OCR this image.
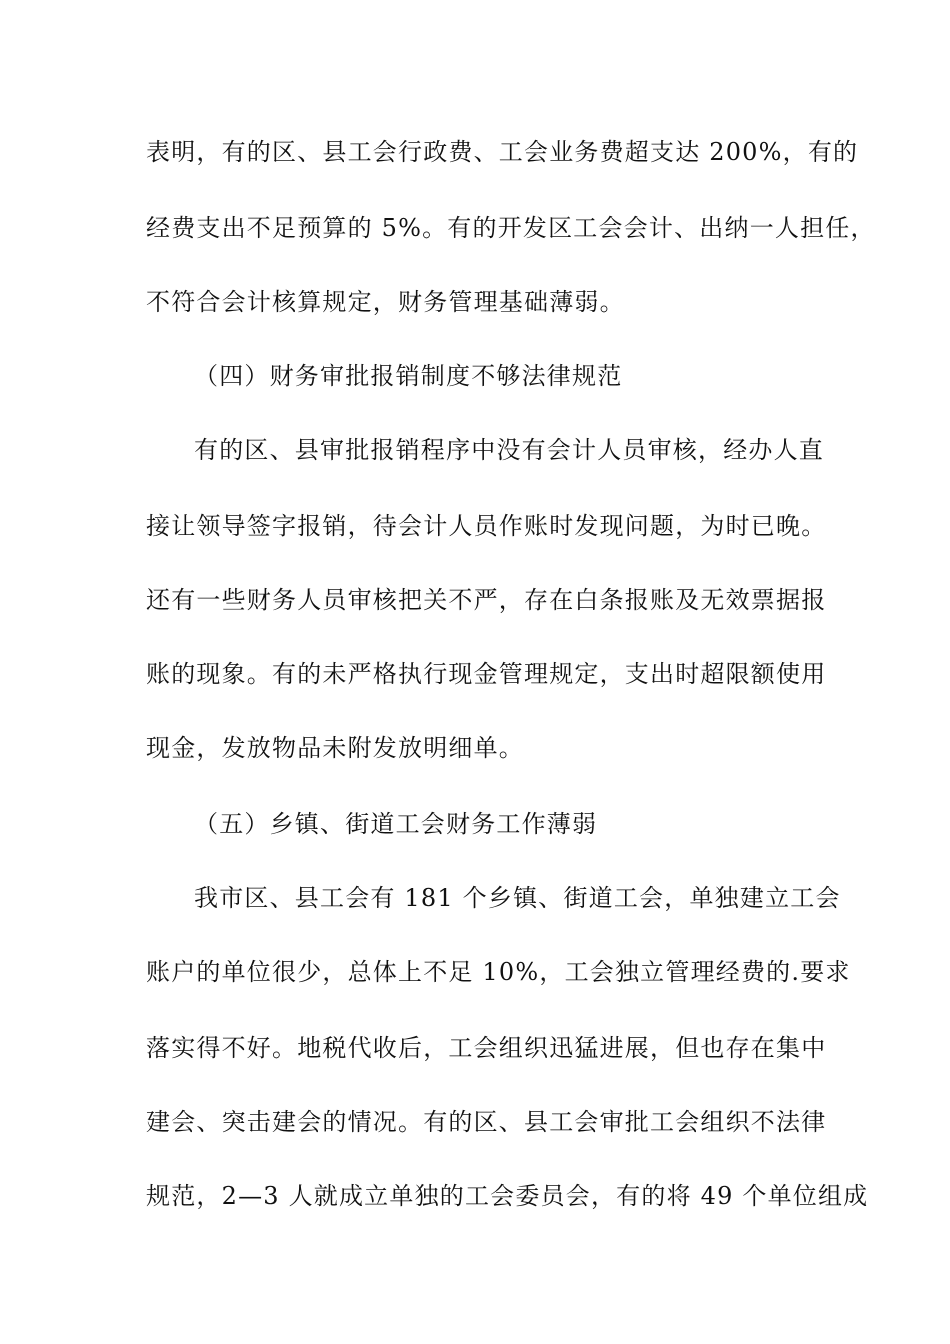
表明，有的区、县工会行政费、工会业务费超支达 200%，有的
经费支出不足预算的 5%。有的开发区工会会计、出纳一人担任，
不符合会计核算规定，财务管理基础薄弱。
（四）财务审批报销制度不够法律规范
有的区、县审批报销程序中没有会计人员审核，经办人直
接让领导签字报销，待会计人员作账时发现问题，为时已晚。
还有一些财务人员审核把关不严，存在白条报账及无效票据报
账的现象。有的未严格执行现金管理规定，支出时超限额使用
现金，发放物品未附发放明细单。
（五）乡镇、街道工会财务工作薄弱
我市区、县工会有 181 个乡镇、街道工会，单独建立工会
账户的单位很少，总体上不足 10%，工会独立管理经费的.要求
落实得不好。地税代收后，工会组织迅猛进展，但也存在集中
建会、突击建会的情况。有的区、县工会审批工会组织不法律
规范，2—3 人就成立单独的工会委员会，有的将 49 个单位组成
